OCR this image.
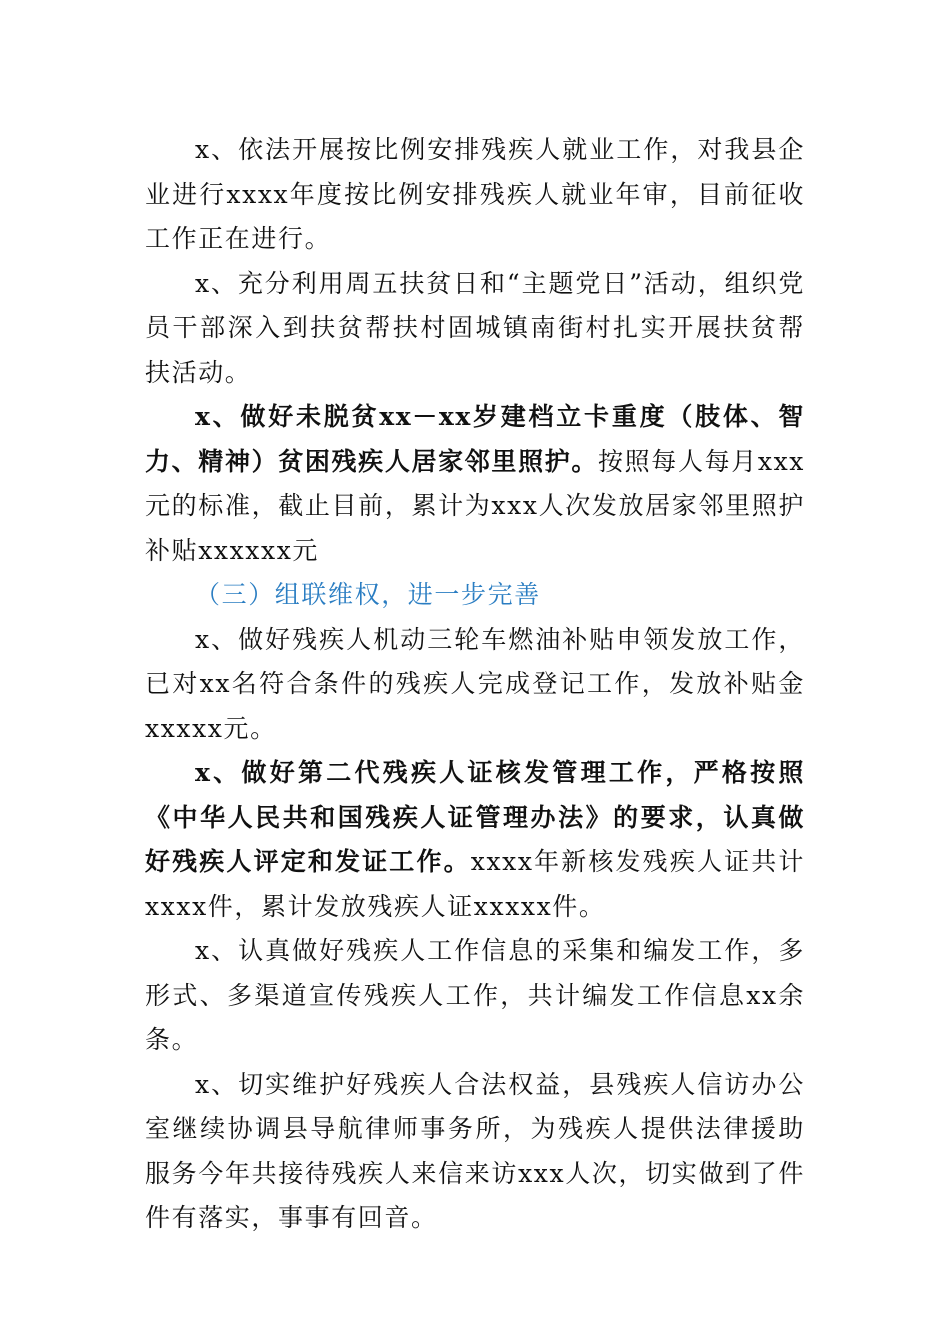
x、依法开展按比例安排残疾人就业工作，对我县企业进行xxxx年度按比例安排残疾人就业年审，目前征收工作正在进行。

x、充分利用周五扶贫日和“主题党日”活动，组织党员干部深入到扶贫帮扶村固城镇南街村扎实开展扶贫帮扶活动。

x、做好未脱贫xx－xx岁建档立卡重度（肢体、智力、精神）贫困残疾人居家邻里照护。按照每人每月xxx元的标准，截止目前，累计为xxx人次发放居家邻里照护补贴xxxxxx元

（三）组联维权，进一步完善

x、做好残疾人机动三轮车燃油补贴申领发放工作，已对xx名符合条件的残疾人完成登记工作，发放补贴金xxxxx元。

x、做好第二代残疾人证核发管理工作，严格按照《中华人民共和国残疾人证管理办法》的要求，认真做好残疾人评定和发证工作。xxxx年新核发残疾人证共计xxxx件，累计发放残疾人证xxxxx件。

x、认真做好残疾人工作信息的采集和编发工作，多形式、多渠道宣传残疾人工作，共计编发工作信息xx余条。

x、切实维护好残疾人合法权益，县残疾人信访办公室继续协调县导航律师事务所，为残疾人提供法律援助服务今年共接待残疾人来信来访xxx人次，切实做到了件件有落实，事事有回音。
